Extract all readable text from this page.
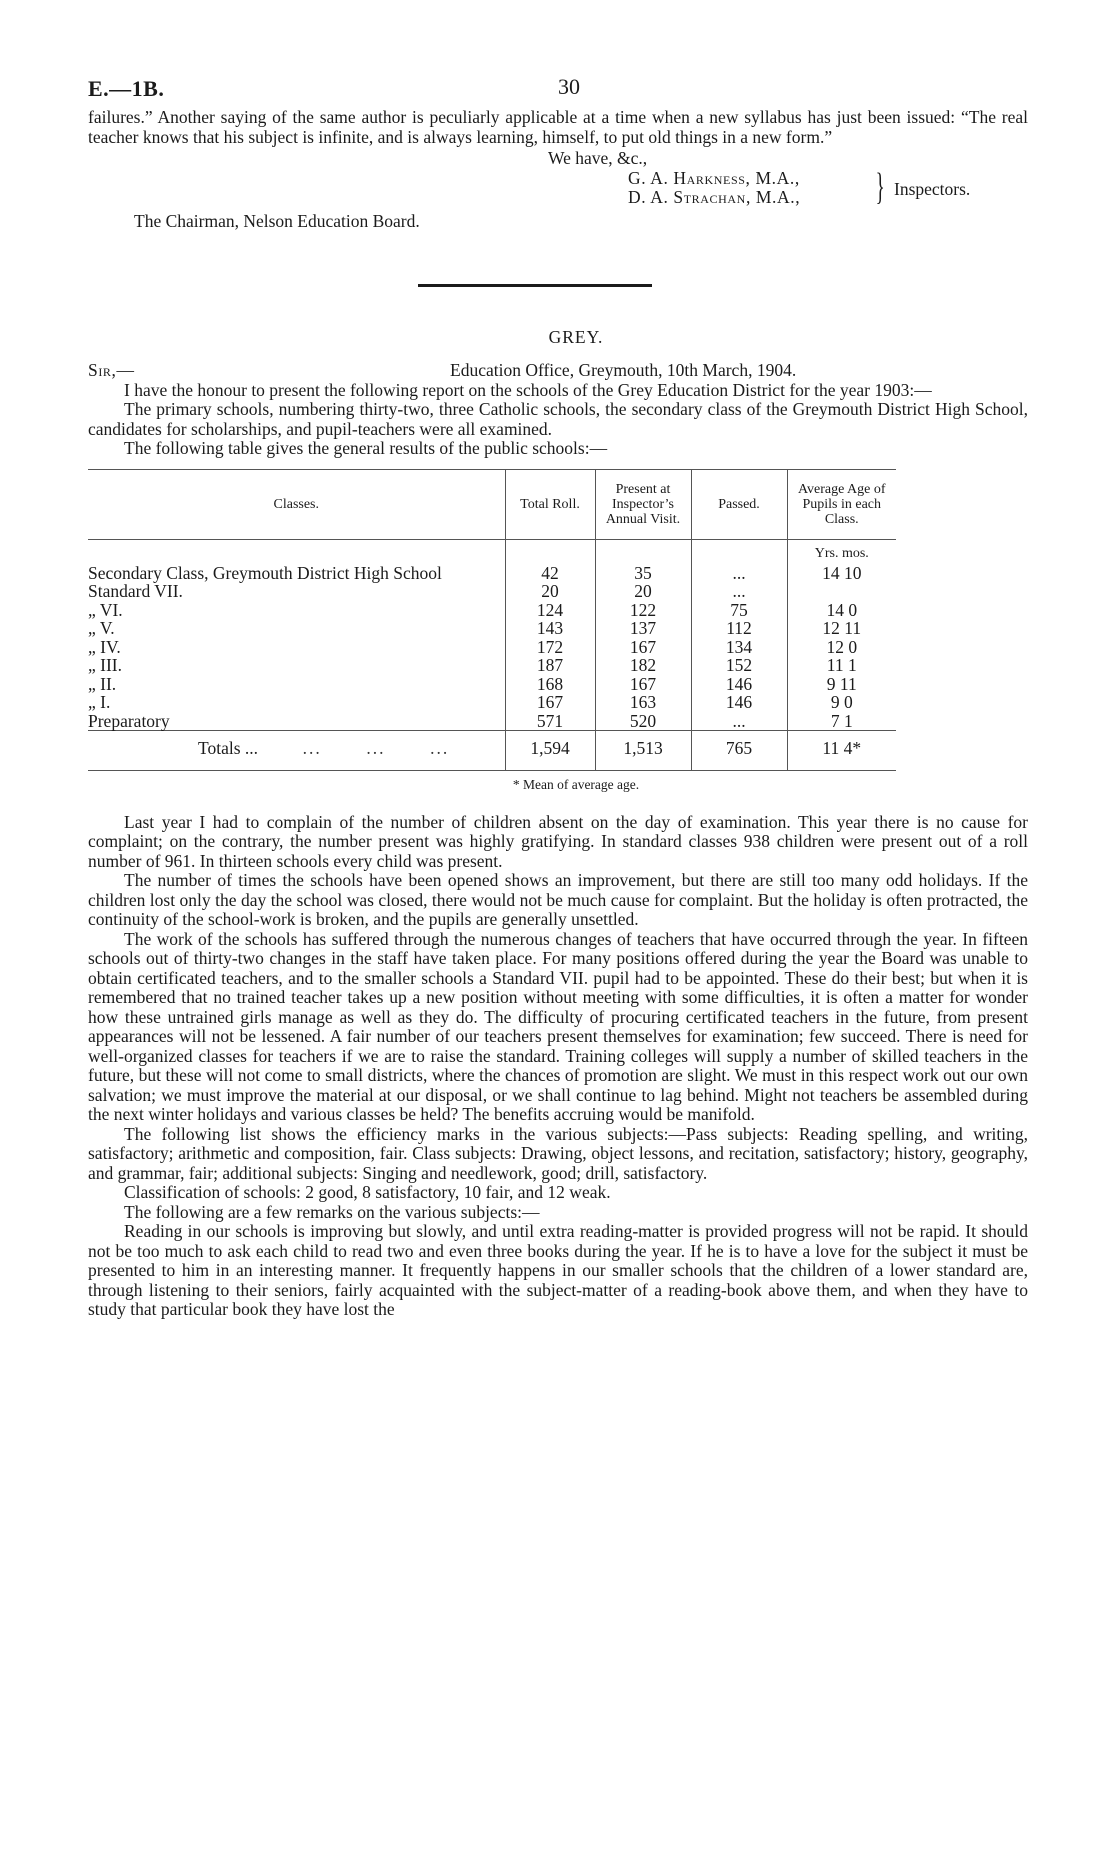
E.—1B.	30

failures.” Another saying of the same author is peculiarly applicable at a time when a new syllabus has just been issued: “The real teacher knows that his subject is infinite, and is always learning, himself, to put old things in a new form.”

We have, &c.,
G. A. Harkness, M.A.,
D. A. Strachan, M.A., } Inspectors.
The Chairman, Nelson Education Board.
GREY.
Sir,—	Education Office, Greymouth, 10th March, 1904.

I have the honour to present the following report on the schools of the Grey Education District for the year 1903:—

The primary schools, numbering thirty-two, three Catholic schools, the secondary class of the Greymouth District High School, candidates for scholarships, and pupil-teachers were all examined.

The following table gives the general results of the public schools:—

Classes.	Total Roll.	Present at Inspector’s Annual Visit.	Passed.	Average Age of Pupils in each Class.
				Yrs. mos.
Secondary Class, Greymouth District High School	42	35	...	14 10
Standard VII.	20	20	...	
„ VI.	124	122	75	14 0
„ V.	143	137	112	12 11
„ IV.	172	167	134	12 0
„ III.	187	182	152	11 1
„ II.	168	167	146	9 11
„ I.	167	163	146	9 0
Preparatory	571	520	...	7 1
Totals ...       ...       ...       ...	1,594	1,513	765	11 4*
* Mean of average age.

Last year I had to complain of the number of children absent on the day of examination. This year there is no cause for complaint; on the contrary, the number present was highly gratifying. In standard classes 938 children were present out of a roll number of 961. In thirteen schools every child was present.

The number of times the schools have been opened shows an improvement, but there are still too many odd holidays. If the children lost only the day the school was closed, there would not be much cause for complaint. But the holiday is often protracted, the continuity of the school-work is broken, and the pupils are generally unsettled.

The work of the schools has suffered through the numerous changes of teachers that have occurred through the year. In fifteen schools out of thirty-two changes in the staff have taken place. For many positions offered during the year the Board was unable to obtain certificated teachers, and to the smaller schools a Standard VII. pupil had to be appointed. These do their best; but when it is remembered that no trained teacher takes up a new position without meeting with some difficulties, it is often a matter for wonder how these untrained girls manage as well as they do. The difficulty of procuring certificated teachers in the future, from present appearances will not be lessened. A fair number of our teachers present themselves for examination; few succeed. There is need for well-organized classes for teachers if we are to raise the standard. Training colleges will supply a number of skilled teachers in the future, but these will not come to small districts, where the chances of promotion are slight. We must in this respect work out our own salvation; we must improve the material at our disposal, or we shall continue to lag behind. Might not teachers be assembled during the next winter holidays and various classes be held? The benefits accruing would be manifold.

The following list shows the efficiency marks in the various subjects:—Pass subjects: Reading spelling, and writing, satisfactory; arithmetic and composition, fair. Class subjects: Drawing, object lessons, and recitation, satisfactory; history, geography, and grammar, fair; additional subjects: Singing and needlework, good; drill, satisfactory.

Classification of schools: 2 good, 8 satisfactory, 10 fair, and 12 weak.

The following are a few remarks on the various subjects:—

Reading in our schools is improving but slowly, and until extra reading-matter is provided progress will not be rapid. It should not be too much to ask each child to read two and even three books during the year. If he is to have a love for the subject it must be presented to him in an interesting manner. It frequently happens in our smaller schools that the children of a lower standard are, through listening to their seniors, fairly acquainted with the subject-matter of a reading-book above them, and when they have to study that particular book they have lost the
